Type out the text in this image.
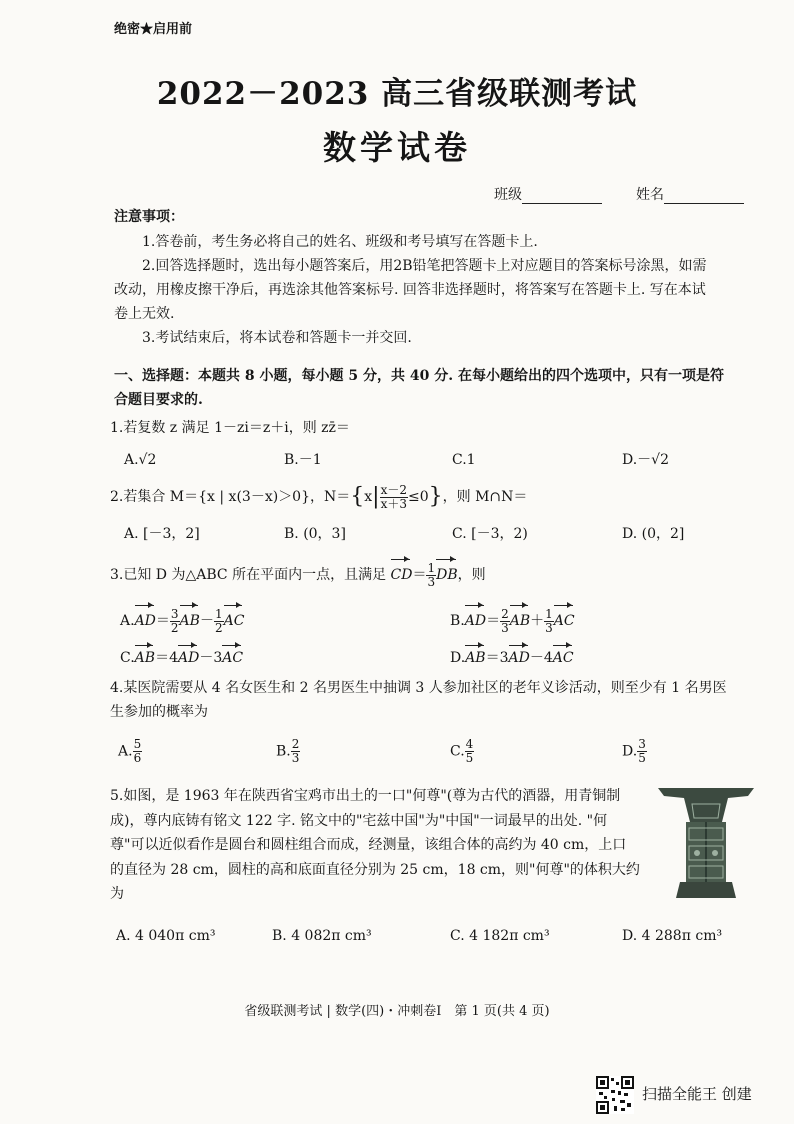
绝密★启用前
2022－2023 高三省级联测考试
数学试卷
班级	姓名
注意事项：
1.答卷前，考生务必将自己的姓名、班级和考号填写在答题卡上.
2.回答选择题时，选出每小题答案后，用2B铅笔把答题卡上对应题目的答案标号涂黑，如需改动，用橡皮擦干净后，再选涂其他答案标号. 回答非选择题时，将答案写在答题卡上. 写在本试卷上无效.
3.考试结束后，将本试卷和答题卡一并交回.
一、选择题：本题共 8 小题，每小题 5 分，共 40 分. 在每小题给出的四个选项中，只有一项是符合题目要求的.
1.若复数 z 满足 1－zi＝z＋i，则 zz̄＝
A.√2	B.－1	C.1	D.－√2
2.若集合 M＝{x | x(3－x)＞0}，$N=\{x| \frac{x-2}{x+3} \le 0\}$，则 M∩N＝
A. [－3，2]	B. (0，3]	C. [－3，2)	D. (0，2]
3.已知 D 为△ABC 所在平面内一点，且满足 $CD= \frac{1}{3}$ DB，则
$A.AD= \frac{3}{2} AB- \frac{1}{2}$ AC	$B.AD= \frac{2}{3} AB+ \frac{1}{3}$ AC
C.AB＝4AD－3AC	D.AB＝3AD－4AC
4.某医院需要从 4 名女医生和 2 名男医生中抽调 3 人参加社区的老年义诊活动，则至少有 1 名男医生参加的概率为
A. $\frac{5}{6}$	B. $\frac{2}{3}$	C. $\frac{4}{5}$	D. $\frac{3}{5}$
5.如图，是 1963 年在陕西省宝鸡市出土的一口"何尊"(尊为古代的酒器，用青铜制成)，尊内底铸有铭文 122 字. 铭文中的"宅兹中国"为"中国"一词最早的出处. "何尊"可以近似看作是圆台和圆柱组合而成，经测量，该组合体的高约为 40 cm，上口的直径为 28 cm，圆柱的高和底面直径分别为 25 cm，18 cm，则"何尊"的体积大约为
A. 4 040π cm³	B. 4 082π cm³	C. 4 182π cm³	D. 4 288π cm³
省级联测考试 | 数学(四)・冲刺卷Ⅰ　第 1 页(共 4 页)
扫描全能王 创建
